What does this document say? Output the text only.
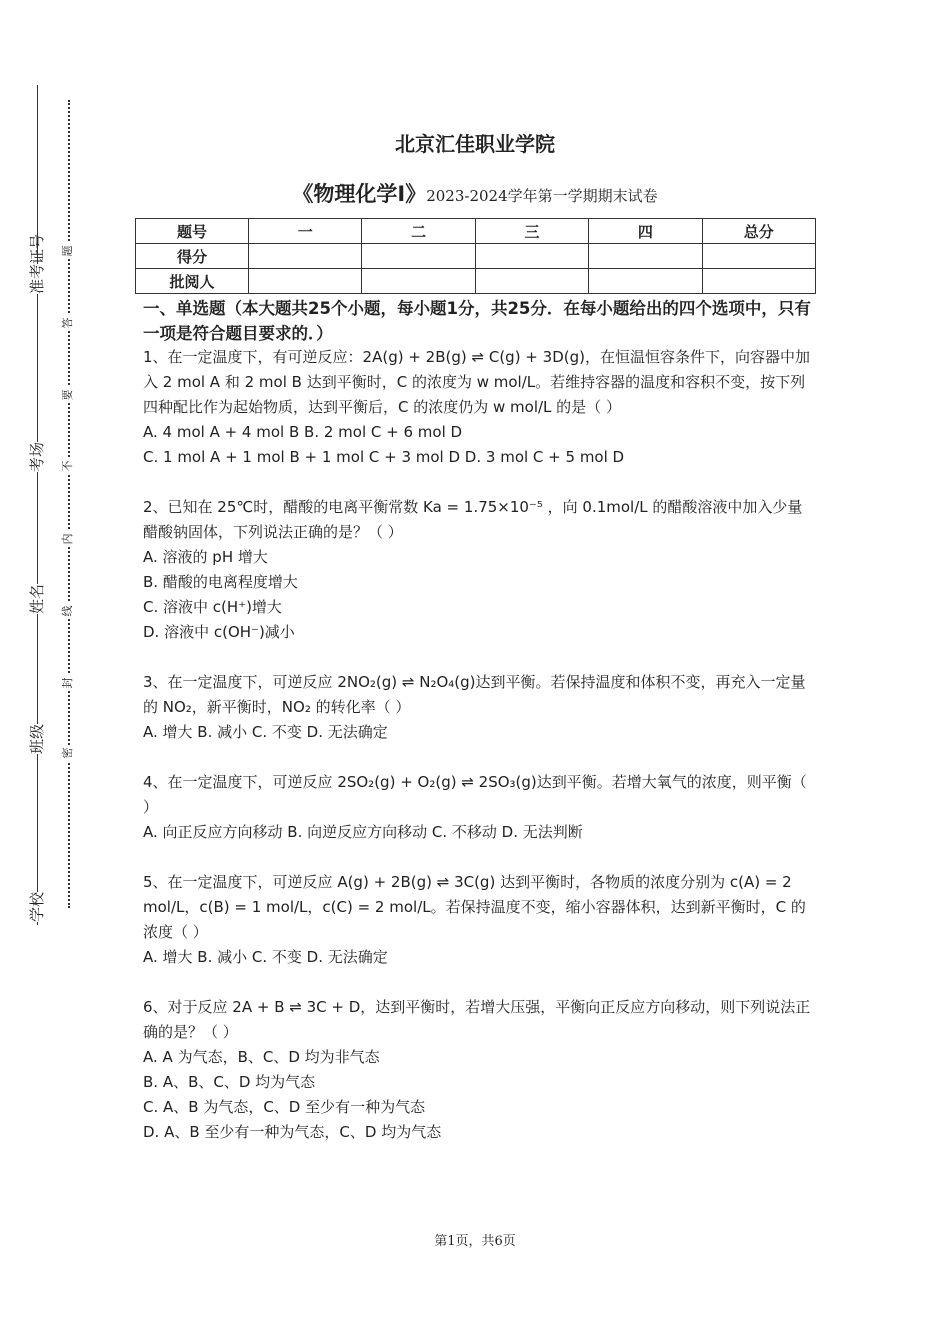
准考证号
考场
姓名
班级
学校
题
答
要
不
内
线
封
密
北京汇佳职业学院
《物理化学Ⅰ》2023-2024学年第一学期期末试卷
题号	一	二	三	四	总分
得分					
批阅人					
一、单选题（本大题共25个小题，每小题1分，共25分．在每小题给出的四个选项中，只有一项是符合题目要求的．）
1、在一定温度下，有可逆反应：2A(g) + 2B(g) ⇌ C(g) + 3D(g)，在恒温恒容条件下，向容器中加入 2 mol A 和 2 mol B 达到平衡时，C 的浓度为 w mol/L。若维持容器的温度和容积不变，按下列四种配比作为起始物质，达到平衡后，C 的浓度仍为 w mol/L 的是（ ）
A. 4 mol A + 4 mol B B. 2 mol C + 6 mol D
C. 1 mol A + 1 mol B + 1 mol C + 3 mol D D. 3 mol C + 5 mol D
2、已知在 25℃时，醋酸的电离平衡常数 Ka = 1.75×10⁻⁵ ，向 0.1mol/L 的醋酸溶液中加入少量醋酸钠固体，下列说法正确的是？（ ）
A. 溶液的 pH 增大
B. 醋酸的电离程度增大
C. 溶液中 c(H⁺)增大
D. 溶液中 c(OH⁻)减小
3、在一定温度下，可逆反应 2NO₂(g) ⇌ N₂O₄(g)达到平衡。若保持温度和体积不变，再充入一定量的 NO₂，新平衡时，NO₂ 的转化率（ ）
A. 增大 B. 减小 C. 不变 D. 无法确定
4、在一定温度下，可逆反应 2SO₂(g) + O₂(g) ⇌ 2SO₃(g)达到平衡。若增大氧气的浓度，则平衡（ ）
A. 向正反应方向移动 B. 向逆反应方向移动 C. 不移动 D. 无法判断
5、在一定温度下，可逆反应 A(g) + 2B(g) ⇌ 3C(g) 达到平衡时，各物质的浓度分别为 c(A) = 2 mol/L，c(B) = 1 mol/L，c(C) = 2 mol/L。若保持温度不变，缩小容器体积，达到新平衡时，C 的浓度（ ）
A. 增大 B. 减小 C. 不变 D. 无法确定
6、对于反应 2A + B ⇌ 3C + D，达到平衡时，若增大压强，平衡向正反应方向移动，则下列说法正确的是？（ ）
A. A 为气态，B、C、D 均为非气态
B. A、B、C、D 均为气态
C. A、B 为气态，C、D 至少有一种为气态
D. A、B 至少有一种为气态，C、D 均为气态
第1页，共6页
